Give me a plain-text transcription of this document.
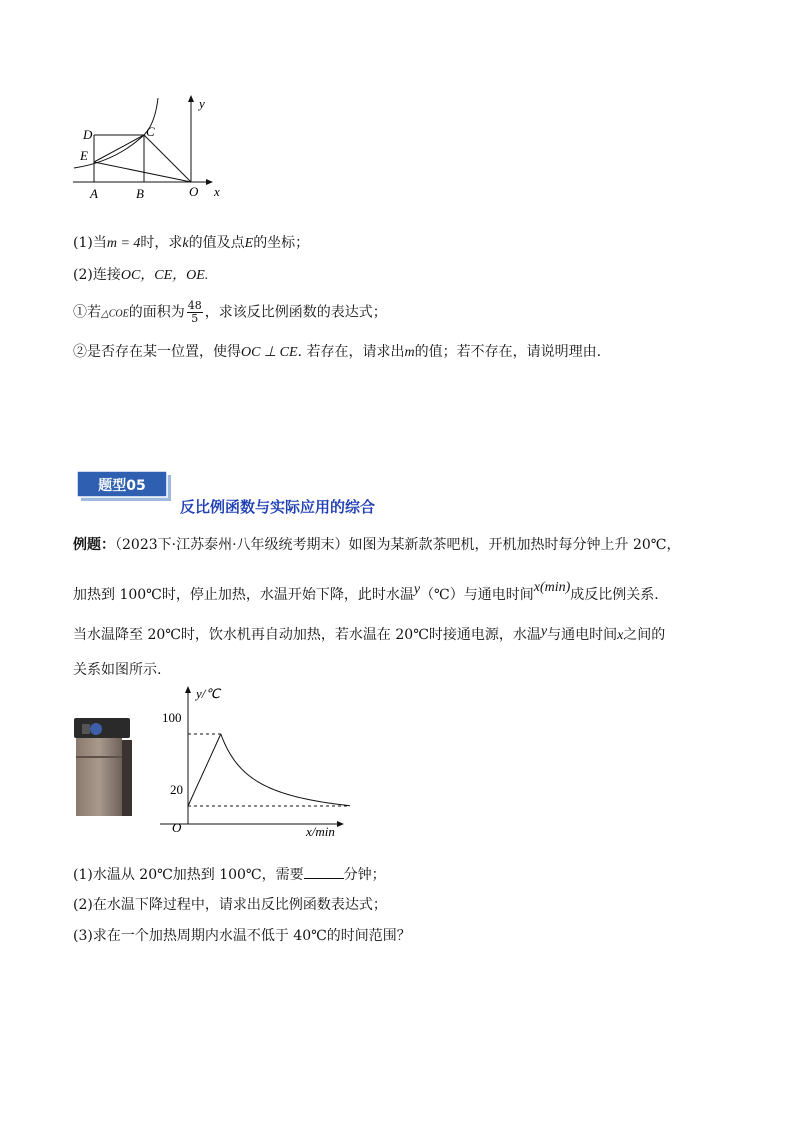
y
D	C
E
A	B	O x
(1)当m = 4时，求k的值及点E的坐标；
(2)连接OC，CE，OE.
①若△COE的面积为 $\frac{48}{5}$ ，求该反比例函数的表达式；
②是否存在某一位置，使得OC ⊥ CE. 若存在，请求出m的值；若不存在，请说明理由.
题型05
反比例函数与实际应用的综合
例题：（2023下·江苏泰州·八年级统考期末）如图为某新款茶吧机，开机加热时每分钟上升 20℃，
加热到 100℃时，停止加热，水温开始下降，此时水温y（℃）与通电时间x(min)成反比例关系.
当水温降至 20℃时，饮水机再自动加热，若水温在 20℃时接通电源，水温y与通电时间x之间的
关系如图所示.
y/℃
x/min
O
100
20
(1)水温从 20℃加热到 100℃，需要	分钟；
(2)在水温下降过程中，请求出反比例函数表达式；
(3)求在一个加热周期内水温不低于 40℃的时间范围？
